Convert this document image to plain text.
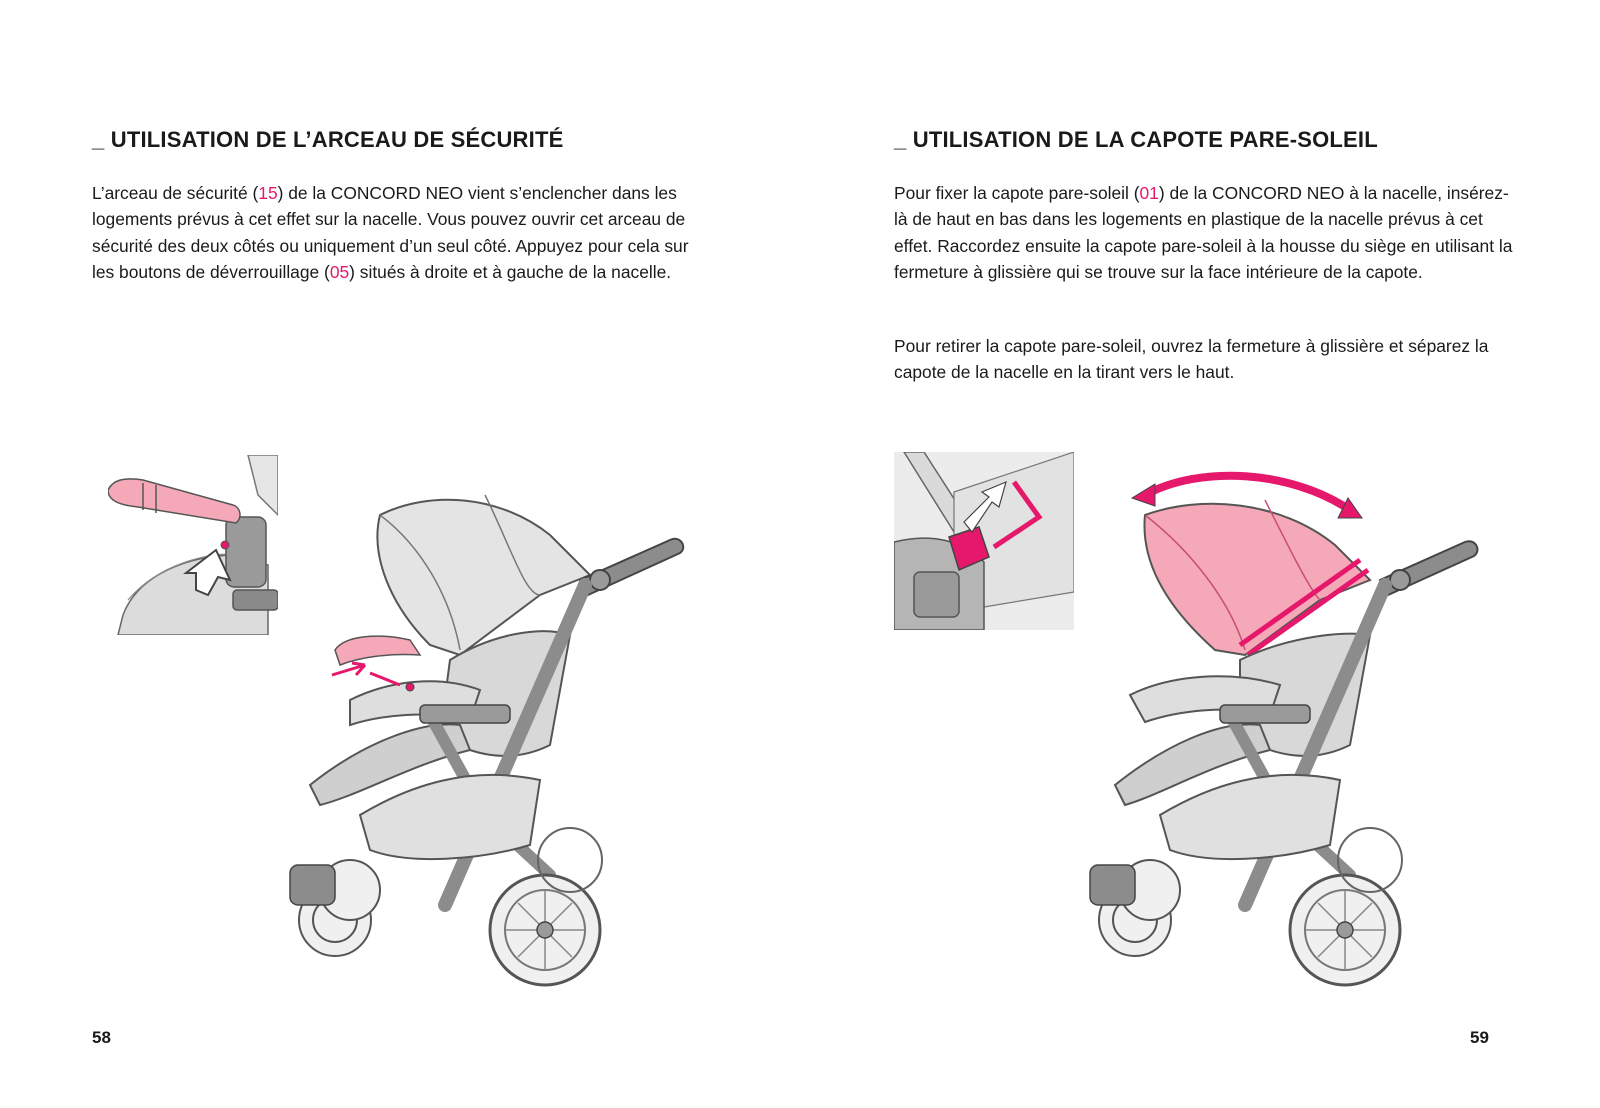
_ UTILISATION DE L’ARCEAU DE SÉCURITÉ

L’arceau de sécurité (15) de la CONCORD NEO vient s’enclencher dans les logements prévus à cet effet sur la nacelle. Vous pouvez ouvrir cet arceau de sécurité des deux côtés ou uniquement d’un seul côté. Appuyez pour cela sur les boutons de déverrouillage (05) situés à droite et à gauche de la nacelle.

58

_ UTILISATION DE LA CAPOTE PARE-SOLEIL

Pour fixer la capote pare-soleil (01) de la CONCORD NEO à la nacelle, insérez-là de haut en bas dans les logements en plastique de la nacelle prévus à cet effet. Raccordez ensuite la capote pare-soleil à la housse du siège en utilisant la fermeture à glissière qui se trouve sur la face intérieure de la capote.

Pour retirer la capote pare-soleil, ouvrez la fermeture à glissière et séparez la capote de la nacelle en la tirant vers le haut.

59
